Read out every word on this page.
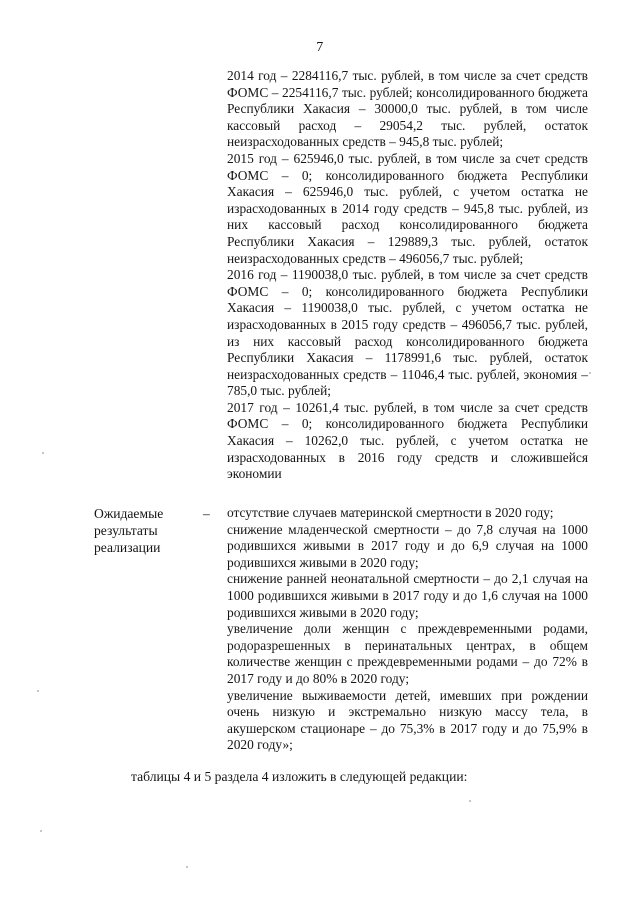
7

2014 год – 2284116,7 тыс. рублей, в том числе за счет средств ФОМС – 2254116,7 тыс. рублей; консолидированного бюджета Республики Хакасия – 30000,0 тыс. рублей, в том числе кассовый расход – 29054,2 тыс. рублей, остаток неизрасходованных средств – 945,8 тыс. рублей;

2015 год – 625946,0 тыс. рублей, в том числе за счет средств ФОМС – 0; консолидированного бюджета Республики Хакасия – 625946,0 тыс. рублей, с учетом остатка не израсходованных в 2014 году средств – 945,8 тыс. рублей, из них кассовый расход консолидированного бюджета Республики Хакасия – 129889,3 тыс. рублей, остаток неизрасходованных средств – 496056,7 тыс. рублей;

2016 год – 1190038,0 тыс. рублей, в том числе за счет средств ФОМС – 0; консолидированного бюджета Республики Хакасия – 1190038,0 тыс. рублей, с учетом остатка не израсходованных в 2015 году средств – 496056,7 тыс. рублей, из них кассовый расход консолидированного бюджета Республики Хакасия – 1178991,6 тыс. рублей, остаток неизрасходованных средств – 11046,4 тыс. рублей, экономия – 785,0 тыс. рублей;

2017 год – 10261,4 тыс. рублей, в том числе за счет средств ФОМС – 0; консолидированного бюджета Республики Хакасия – 10262,0 тыс. рублей, с учетом остатка не израсходованных в 2016 году средств и сложившейся экономии

Ожидаемые результаты реализации
– отсутствие случаев материнской смертности в 2020 году;

снижение младенческой смертности – до 7,8 случая на 1000 родившихся живыми в 2017 году и до 6,9 случая на 1000 родившихся живыми в 2020 году;

снижение ранней неонатальной смертности – до 2,1 случая на 1000 родившихся живыми в 2017 году и до 1,6 случая на 1000 родившихся живыми в 2020 году;

увеличение доли женщин с преждевременными родами, родоразрешенных в перинатальных центрах, в общем количестве женщин с преждевременными родами – до 72% в 2017 году и до 80% в 2020 году;

увеличение выживаемости детей, имевших при рождении очень низкую и экстремально низкую массу тела, в акушерском стационаре – до 75,3% в 2017 году и до 75,9% в 2020 году»;

таблицы 4 и 5 раздела 4 изложить в следующей редакции:
